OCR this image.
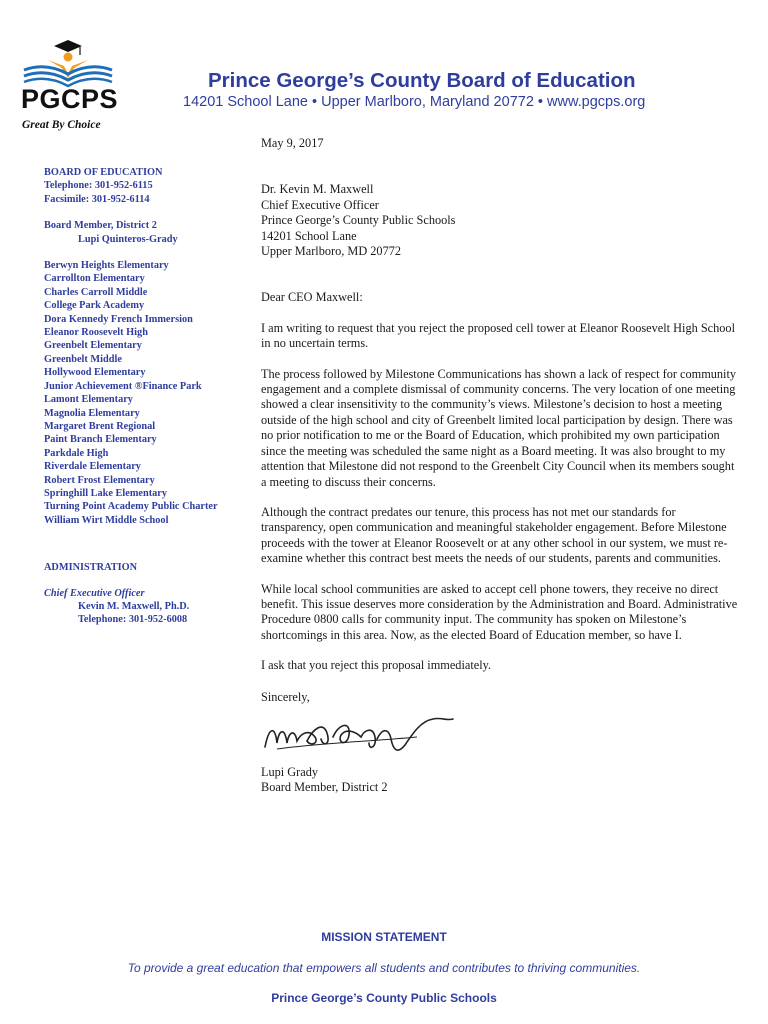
PGCPS
Great By Choice
Prince George’s County Board of Education
14201 School Lane • Upper Marlboro, Maryland 20772 • www.pgcps.org

BOARD OF EDUCATION

Telephone: 301-952-6115

Facsimile: 301-952-6114

Board Member, District 2

Lupi Quinteros-Grady

Berwyn Heights Elementary

Carrollton Elementary

Charles Carroll Middle

College Park Academy

Dora Kennedy French Immersion

Eleanor Roosevelt High

Greenbelt Elementary

Greenbelt Middle

Hollywood Elementary

Junior Achievement ®Finance Park

Lamont Elementary

Magnolia Elementary

Margaret Brent Regional

Paint Branch Elementary

Parkdale High

Riverdale Elementary

Robert Frost Elementary

Springhill Lake Elementary

Turning Point Academy Public Charter

William Wirt Middle School

ADMINISTRATION

Chief Executive Officer

Kevin M. Maxwell, Ph.D.

Telephone: 301-952-6008

May 9, 2017

Dr. Kevin M. Maxwell

Chief Executive Officer

Prince George’s County Public Schools

14201 School Lane

Upper Marlboro, MD 20772

Dear CEO Maxwell:

I am writing to request that you reject the proposed cell tower at Eleanor Roosevelt High School in no uncertain terms.

The process followed by Milestone Communications has shown a lack of respect for community engagement and a complete dismissal of community concerns. The very location of one meeting showed a clear insensitivity to the community’s views. Milestone’s decision to host a meeting outside of the high school and city of Greenbelt limited local participation by design. There was no prior notification to me or the Board of Education, which prohibited my own participation since the meeting was scheduled the same night as a Board meeting. It was also brought to my attention that Milestone did not respond to the Greenbelt City Council when its members sought a meeting to discuss their concerns.

Although the contract predates our tenure, this process has not met our standards for transparency, open communication and meaningful stakeholder engagement. Before Milestone proceeds with the tower at Eleanor Roosevelt or at any other school in our system, we must re-examine whether this contract best meets the needs of our students, parents and communities.

While local school communities are asked to accept cell phone towers, they receive no direct benefit. This issue deserves more consideration by the Administration and Board. Administrative Procedure 0800 calls for community input. The community has spoken on Milestone’s shortcomings in this area. Now, as the elected Board of Education member, so have I.

I ask that you reject this proposal immediately.

Sincerely,

Lupi Grady

Board Member, District 2

MISSION STATEMENT
To provide a great education that empowers all students and contributes to thriving communities.
Prince George’s County Public Schools
